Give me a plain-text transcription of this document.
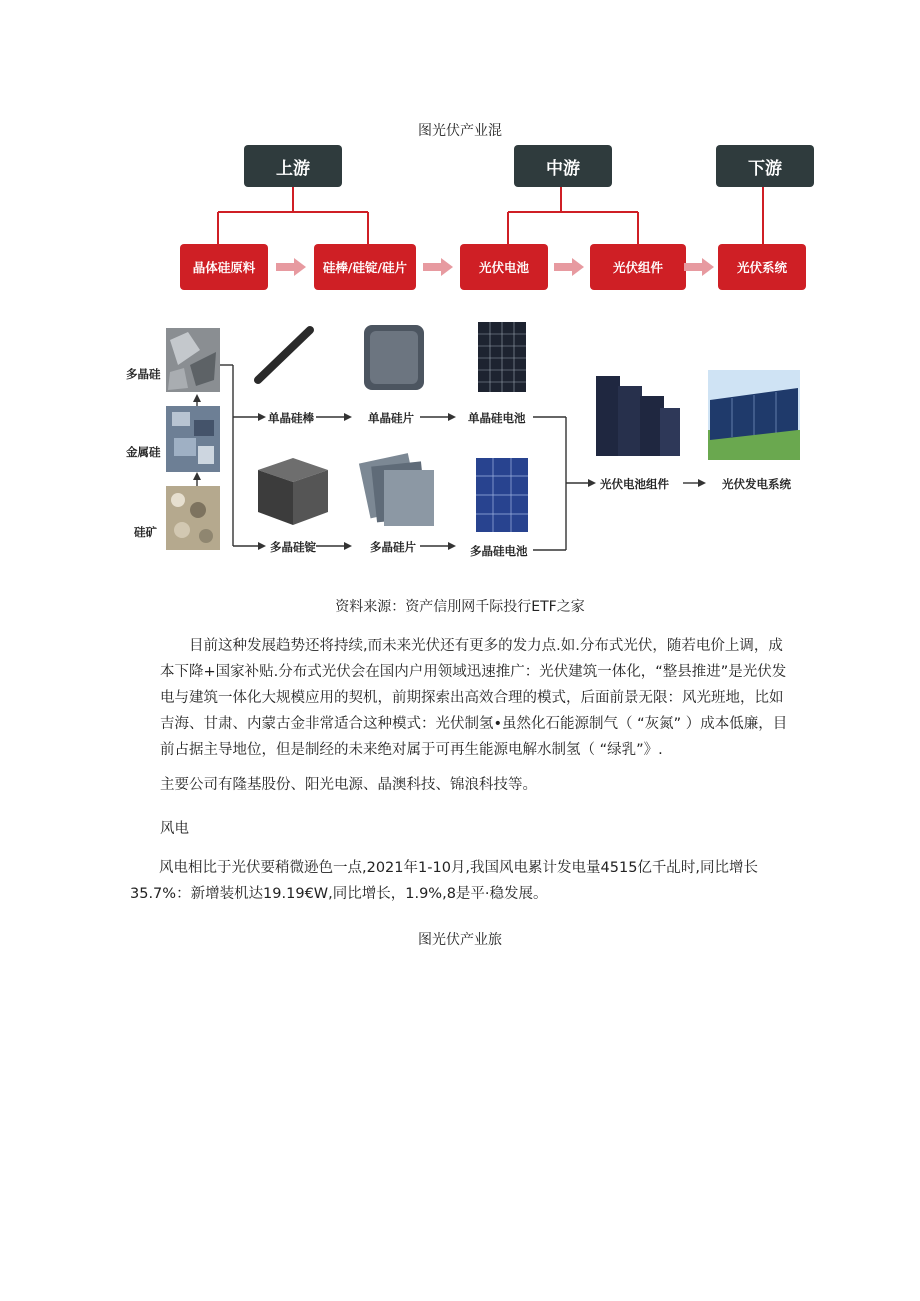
图光伏产业混
上游	中游	下游
晶体硅原料	硅棒/硅锭/硅片	光伏电池	光伏组件	光伏系统
多晶硅
金属硅
硅矿
单晶硅棒	单晶硅片	单晶硅电池
多晶硅锭	多晶硅片	多晶硅电池
光伏电池组件	光伏发电系统
资料来源：资产信刖网千际投行ETF之家

目前这种发展趋势还将持续,而未来光伏还有更多的发力点.如.分布式光伏，随若电价上调，成本下降+国家补贴.分布式光伏会在国内户用领域迅速推广：光伏建筑一体化，“整县推进”是光伏发电与建筑一体化大规模应用的契机，前期探索出高效合理的模式，后面前景无限：风光班地，比如吉海、甘肃、内蒙古金非常适合这种模式：光伏制氢•虽然化石能源制气（ “灰氮” ）成本低廉，目前占据主导地位，但是制经的未来绝对属于可再生能源电解水制氢（ “绿乳”》.

主要公司有隆基股份、阳光电源、晶澳科技、锦浪科技等。
风电

风电相比于光伏要稍微逊色一点,2021年1-10月,我国风电累计发电量4515亿千乩时,同比增长35.7%：新增装机达19.19€W,同比增长，1.9%,8是平·稳发展。

图光伏产业旅
